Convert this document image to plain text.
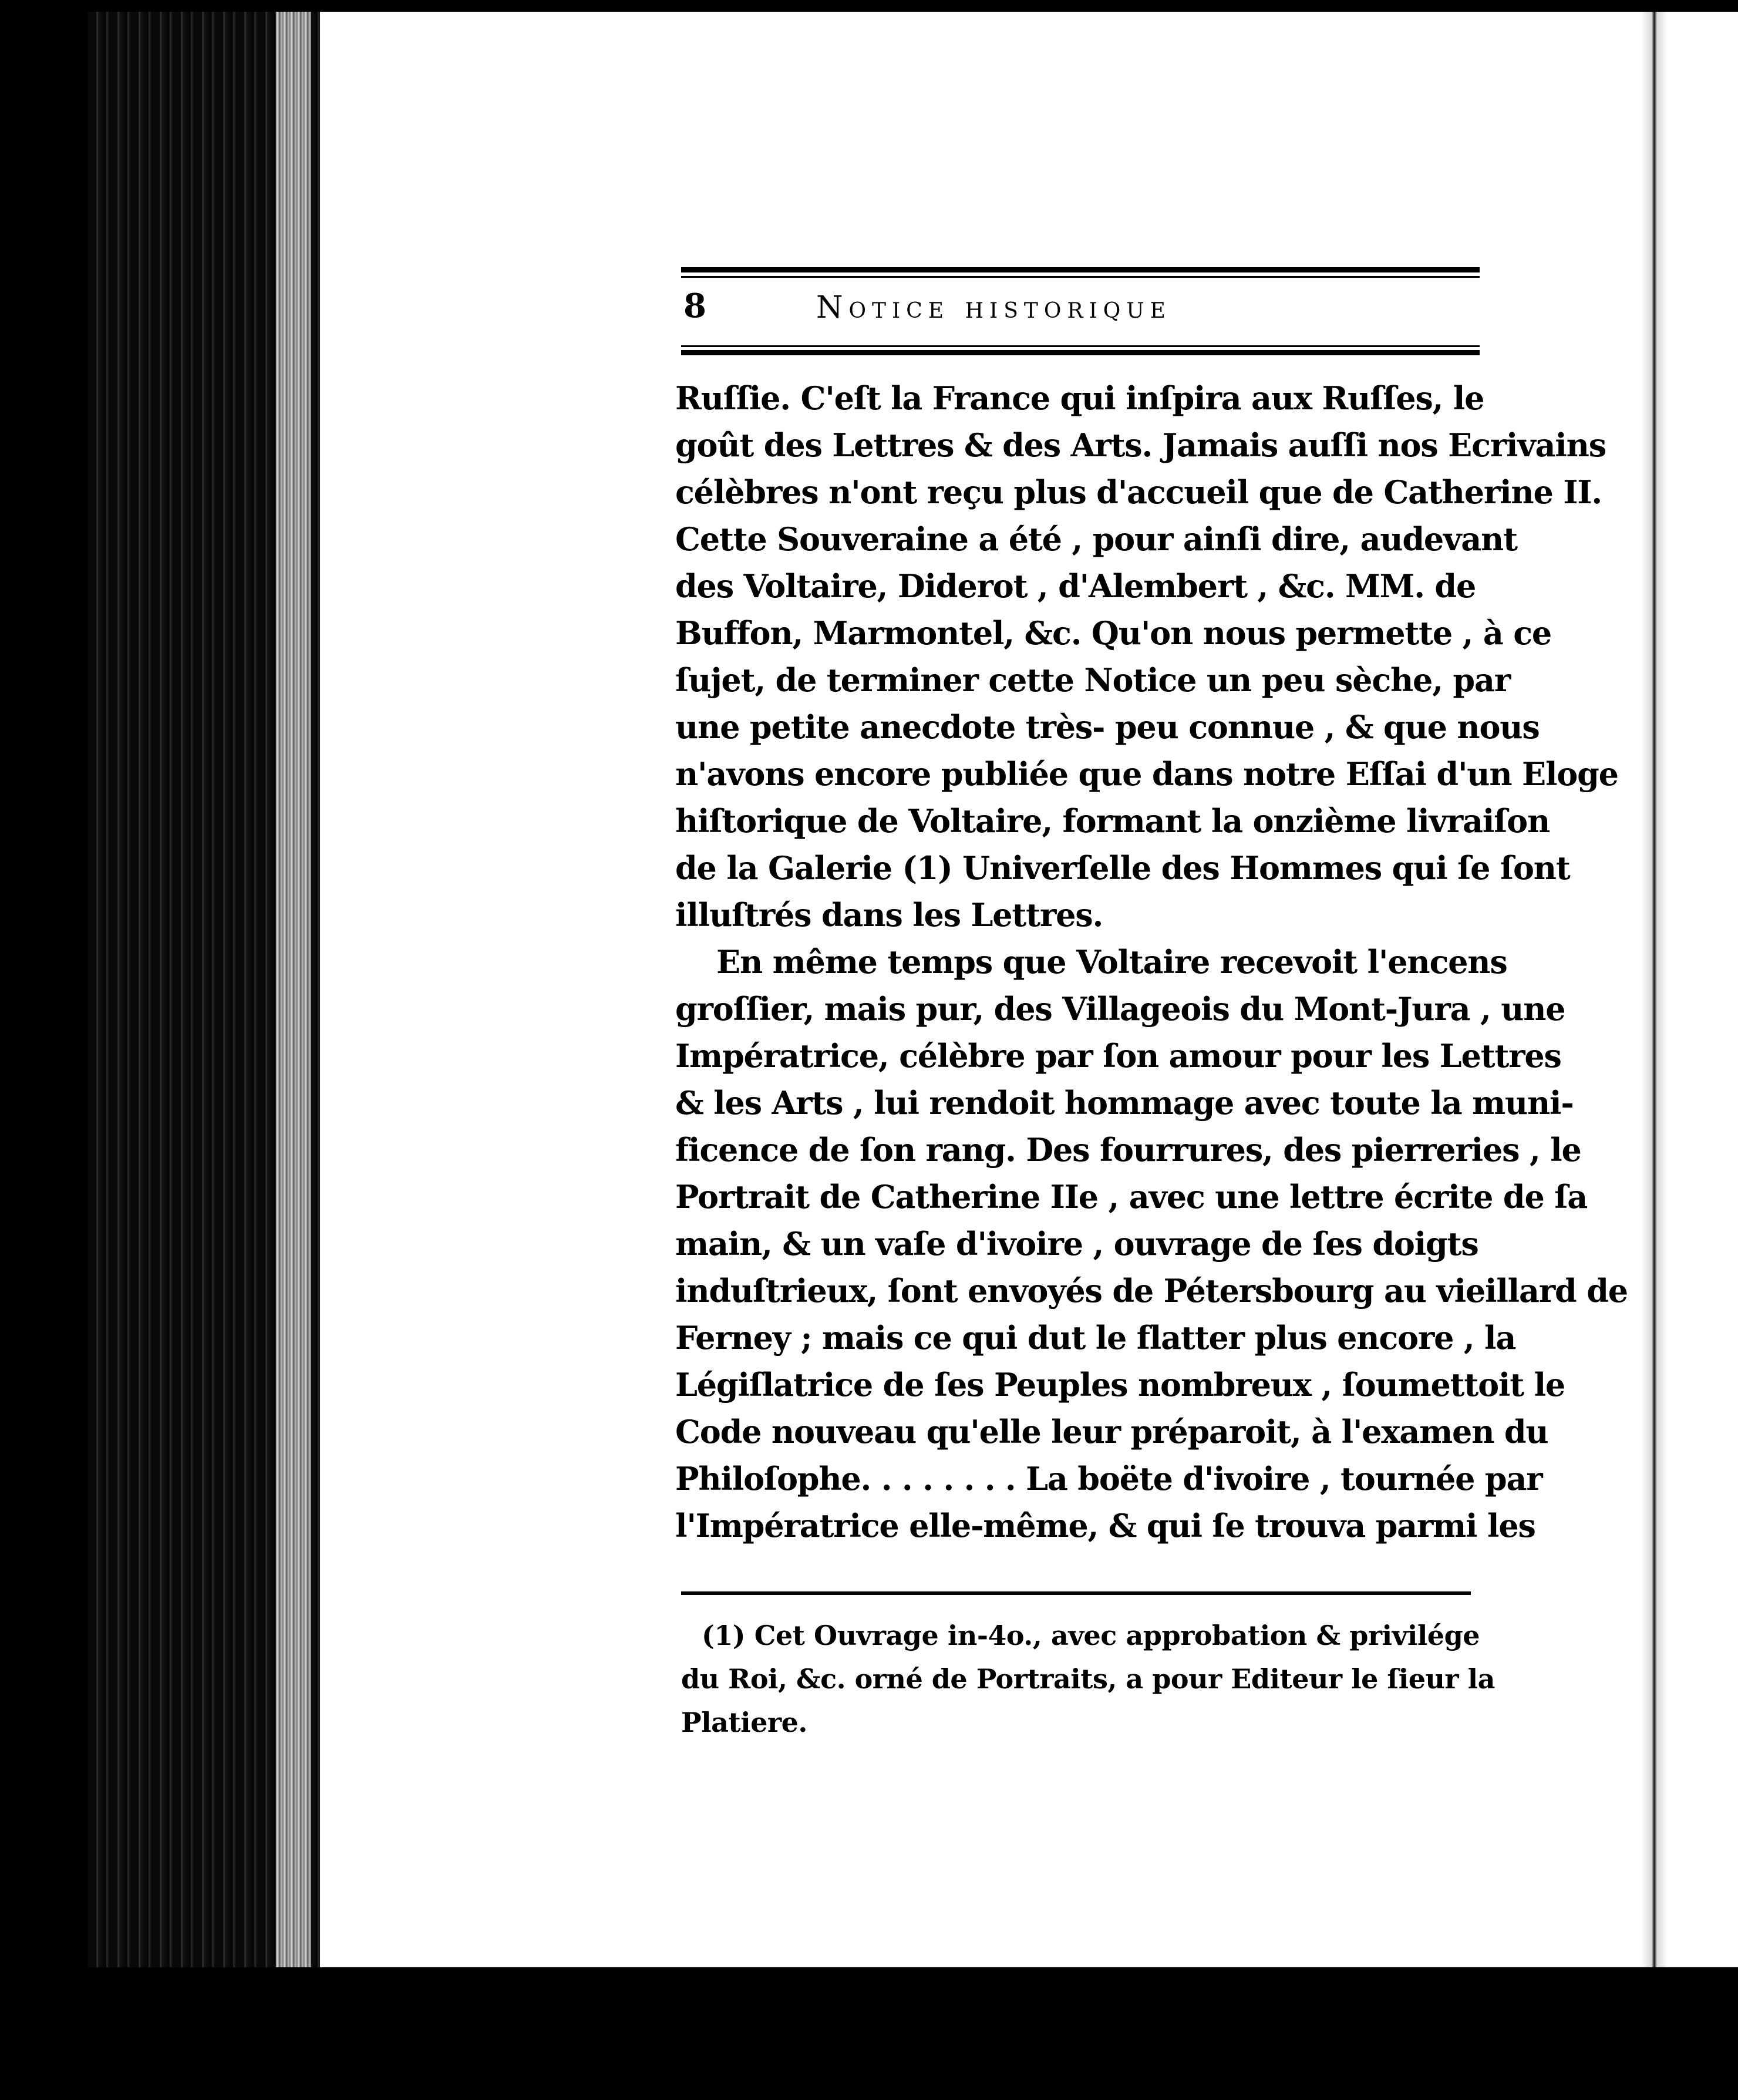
8	Notice historique
Ruſſie. C'eſt la France qui inſpira aux Ruſſes, le
goût des Lettres & des Arts. Jamais auſſi nos Ecrivains
célèbres n'ont reçu plus d'accueil que de Catherine II.
Cette Souveraine a été , pour ainſi dire, audevant
des Voltaire, Diderot , d'Alembert , &c. MM. de
Buffon, Marmontel, &c. Qu'on nous permette , à ce
ſujet, de terminer cette Notice un peu sèche, par
une petite anecdote très- peu connue , & que nous
n'avons encore publiée que dans notre Eſſai d'un Eloge
hiſtorique de Voltaire, formant la onzième livraiſon
de la Galerie (1) Univerſelle des Hommes qui ſe ſont
illuſtrés dans les Lettres.
En même temps que Voltaire recevoit l'encens
groſſier, mais pur, des Villageois du Mont-Jura , une
Impératrice, célèbre par ſon amour pour les Lettres
& les Arts , lui rendoit hommage avec toute la muni-
ficence de ſon rang. Des fourrures, des pierreries , le
Portrait de Catherine IIe , avec une lettre écrite de ſa
main, & un vaſe d'ivoire , ouvrage de ſes doigts
induſtrieux, ſont envoyés de Pétersbourg au vieillard de
Ferney ; mais ce qui dut le flatter plus encore , la
Légiſlatrice de ſes Peuples nombreux , ſoumettoit le
Code nouveau qu'elle leur préparoit, à l'examen du
Philoſophe. . . . . . . . La boëte d'ivoire , tournée par
l'Impératrice elle-même, & qui ſe trouva parmi les
(1) Cet Ouvrage in-4o., avec approbation & privilége
du Roi, &c. orné de Portraits, a pour Editeur le ſieur la
Platiere.
